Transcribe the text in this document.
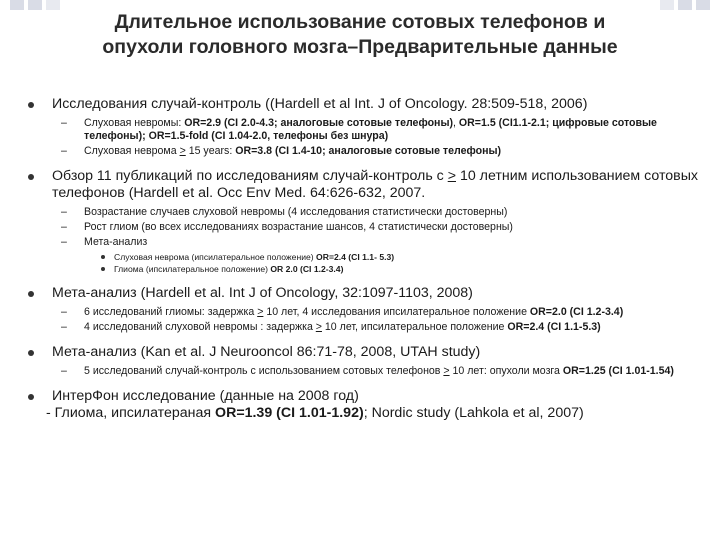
Длительное использование сотовых телефонов и
опухоли головного мозга–Предварительные данные
Исследования случай-контроль ((Hardell et al Int. J of Oncology. 28:509-518, 2006)
– Слуховая невромы: OR=2.9 (CI 2.0-4.3; аналоговые сотовые телефоны), OR=1.5 (CI1.1-2.1; цифровые сотовые телефоны); OR=1.5-fold (CI 1.04-2.0, телефоны без шнура)
– Слуховая невромa > 15 years: OR=3.8 (CI 1.4-10; аналоговые сотовые телефоны)
Обзор 11 публикаций по исследованиям случай-контроль с > 10 летним использованием сотовых телефонов (Hardell et al. Occ Env Med. 64:626-632, 2007.
– Возрастание случаев слуховой невромы (4 исследования статистически достоверны)
– Рост глиом (во всех исследованиях возрастание шансов, 4 статистически достоверны)
– Мета-анализ
Слуховая невромa (ипсилатеральное положение) OR=2.4 (CI 1.1- 5.3)
Глиома (ипсилатеральное положение) OR 2.0 (CI 1.2-3.4)
Мета-анализ (Hardell et al. Int J of Oncology, 32:1097-1103, 2008)
– 6 исследований глиомы: задержка > 10 лет, 4 исследования ипсилатеральное положение OR=2.0 (CI 1.2-3.4)
– 4 исследований слуховой невромы : задержка > 10 лет, ипсилатеральное положение OR=2.4 (CI 1.1-5.3)
Мета-анализ (Kan et al. J Neurooncol 86:71-78, 2008, UTAH study)
– 5 исследований случай-контроль с использованием сотовых телефонов > 10 лет: опухоли мозга OR=1.25 (CI 1.01-1.54)
ИнтерФон исследование (данные на 2008 год)
- Глиома, ипсилатераная OR=1.39 (CI 1.01-1.92); Nordic study (Lahkola et al, 2007)
